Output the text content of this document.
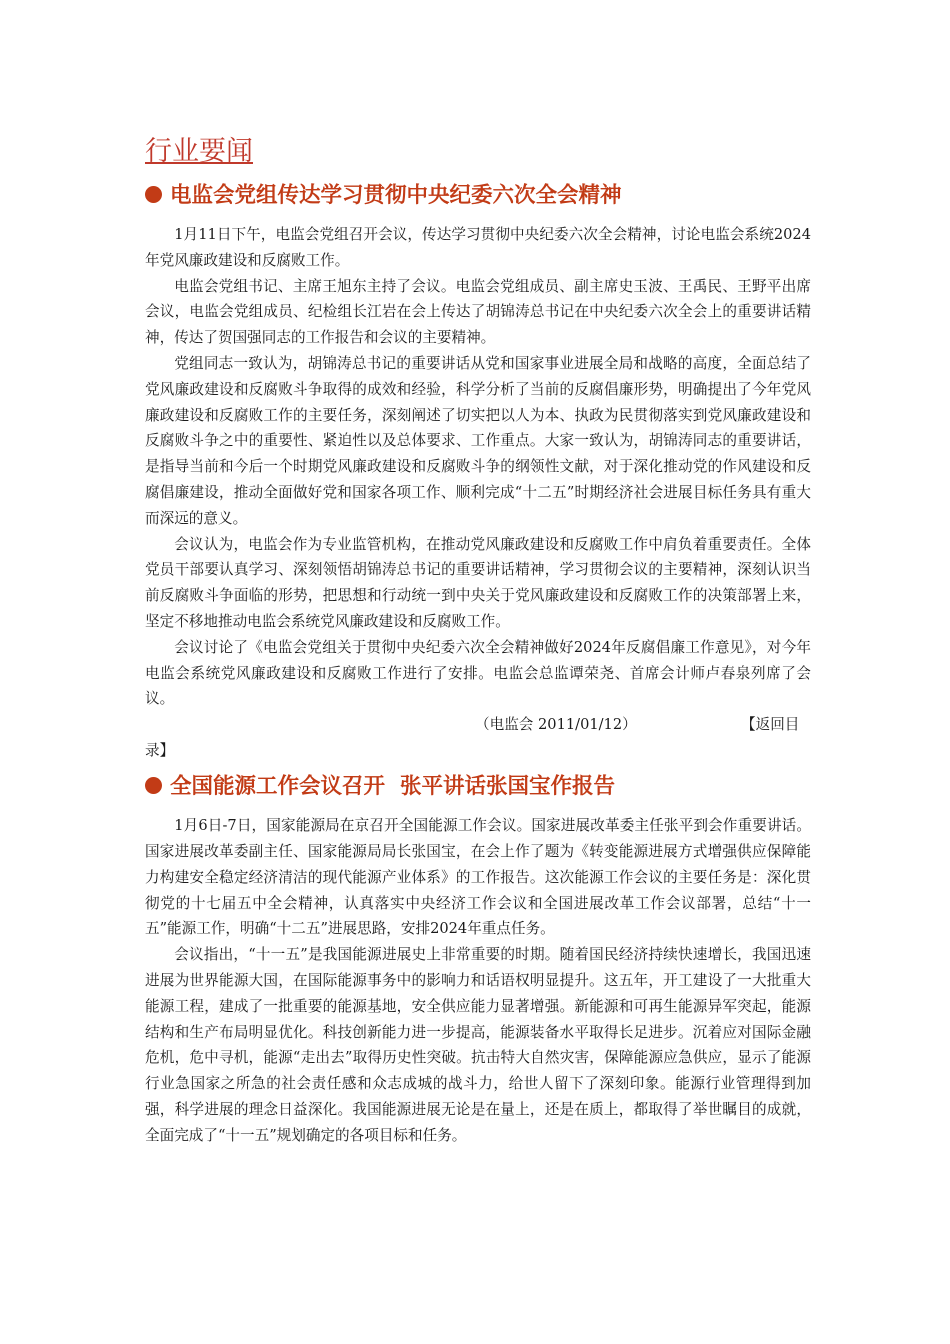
行业要闻
电监会党组传达学习贯彻中央纪委六次全会精神

1月11日下午，电监会党组召开会议，传达学习贯彻中央纪委六次全会精神，讨论电监会系统2024年党风廉政建设和反腐败工作。

电监会党组书记、主席王旭东主持了会议。电监会党组成员、副主席史玉波、王禹民、王野平出席会议，电监会党组成员、纪检组长江岩在会上传达了胡锦涛总书记在中央纪委六次全会上的重要讲话精神，传达了贺国强同志的工作报告和会议的主要精神。

党组同志一致认为，胡锦涛总书记的重要讲话从党和国家事业进展全局和战略的高度，全面总结了党风廉政建设和反腐败斗争取得的成效和经验，科学分析了当前的反腐倡廉形势，明确提出了今年党风廉政建设和反腐败工作的主要任务，深刻阐述了切实把以人为本、执政为民贯彻落实到党风廉政建设和反腐败斗争之中的重要性、紧迫性以及总体要求、工作重点。大家一致认为，胡锦涛同志的重要讲话，是指导当前和今后一个时期党风廉政建设和反腐败斗争的纲领性文献，对于深化推动党的作风建设和反腐倡廉建设，推动全面做好党和国家各项工作、顺利完成“十二五”时期经济社会进展目标任务具有重大而深远的意义。

会议认为，电监会作为专业监管机构，在推动党风廉政建设和反腐败工作中肩负着重要责任。全体党员干部要认真学习、深刻领悟胡锦涛总书记的重要讲话精神，学习贯彻会议的主要精神，深刻认识当前反腐败斗争面临的形势，把思想和行动统一到中央关于党风廉政建设和反腐败工作的决策部署上来，坚定不移地推动电监会系统党风廉政建设和反腐败工作。

会议讨论了《电监会党组关于贯彻中央纪委六次全会精神做好2024年反腐倡廉工作意见》，对今年电监会系统党风廉政建设和反腐败工作进行了安排。电监会总监谭荣尧、首席会计师卢春泉列席了会议。

（电监会 2011/01/12）	【返回目
录】
全国能源工作会议召开  张平讲话张国宝作报告

1月6日-7日，国家能源局在京召开全国能源工作会议。国家进展改革委主任张平到会作重要讲话。国家进展改革委副主任、国家能源局局长张国宝，在会上作了题为《转变能源进展方式增强供应保障能力构建安全稳定经济清洁的现代能源产业体系》的工作报告。这次能源工作会议的主要任务是：深化贯彻党的十七届五中全会精神，认真落实中央经济工作会议和全国进展改革工作会议部署，总结“十一五”能源工作，明确“十二五”进展思路，安排2024年重点任务。

会议指出，“十一五”是我国能源进展史上非常重要的时期。随着国民经济持续快速增长，我国迅速进展为世界能源大国，在国际能源事务中的影响力和话语权明显提升。这五年，开工建设了一大批重大能源工程，建成了一批重要的能源基地，安全供应能力显著增强。新能源和可再生能源异军突起，能源结构和生产布局明显优化。科技创新能力进一步提高，能源装备水平取得长足进步。沉着应对国际金融危机，危中寻机，能源“走出去”取得历史性突破。抗击特大自然灾害，保障能源应急供应，显示了能源行业急国家之所急的社会责任感和众志成城的战斗力，给世人留下了深刻印象。能源行业管理得到加强，科学进展的理念日益深化。我国能源进展无论是在量上，还是在质上，都取得了举世瞩目的成就，全面完成了“十一五”规划确定的各项目标和任务。
